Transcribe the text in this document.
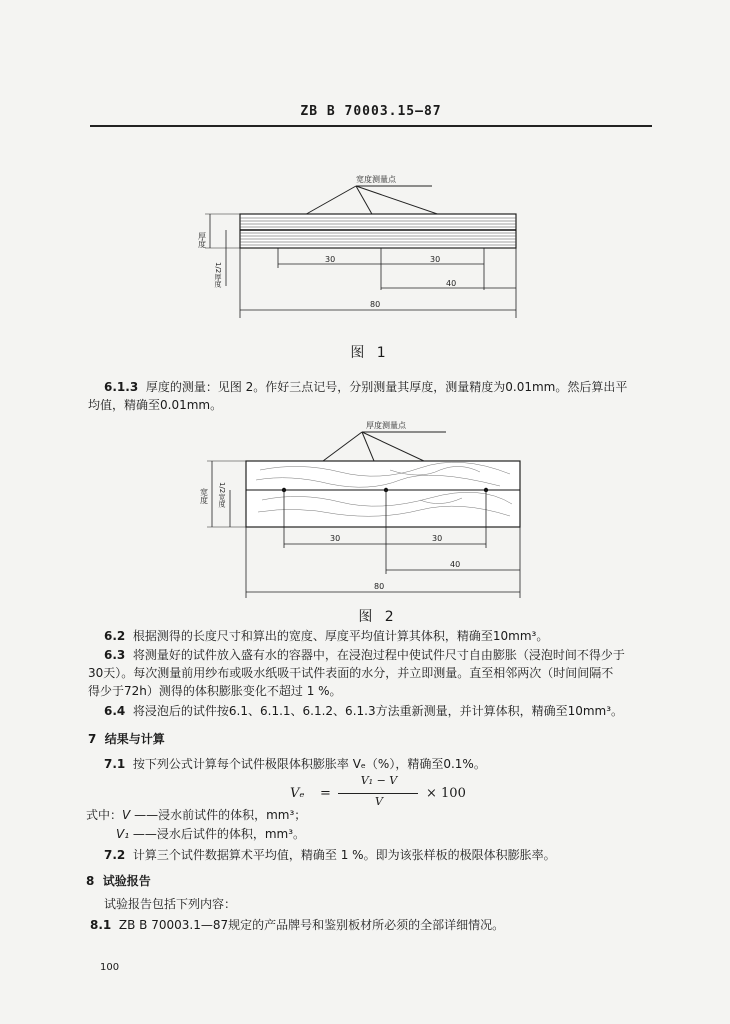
ZB B 70003.15—87
宽度测量点
厚度
1/2厚度
30	30
40
80
图 1
6.1.3 厚度的测量：见图 2。作好三点记号，分别测量其厚度，测量精度为0.01mm。然后算出平
均值，精确至0.01mm。
厚度测量点
宽度 1/2宽度
30	30
40
80
图 2
6.2 根据测得的长度尺寸和算出的宽度、厚度平均值计算其体积，精确至10mm³。
6.3 将测量好的试件放入盛有水的容器中，在浸泡过程中使试件尺寸自由膨胀（浸泡时间不得少于
30天）。每次测量前用纱布或吸水纸吸干试件表面的水分，并立即测量。直至相邻两次（时间间隔不
得少于72h）测得的体积膨胀变化不超过 1 %。
6.4 将浸泡后的试件按6.1、6.1.1、6.1.2、6.1.3方法重新测量，并计算体积，精确至10mm³。
7 结果与计算
7.1 按下列公式计算每个试件极限体积膨胀率 Vₑ（%），精确至0.1%。
Vₑ =
V₁ − V
V
× 100
式中：V ——浸水前试件的体积，mm³；
V₁ ——浸水后试件的体积，mm³。
7.2 计算三个试件数据算术平均值，精确至 1 %。即为该张样板的极限体积膨胀率。
8 试验报告
试验报告包括下列内容：
8.1 ZB B 70003.1—87规定的产品牌号和鉴别板材所必须的全部详细情况。
100
